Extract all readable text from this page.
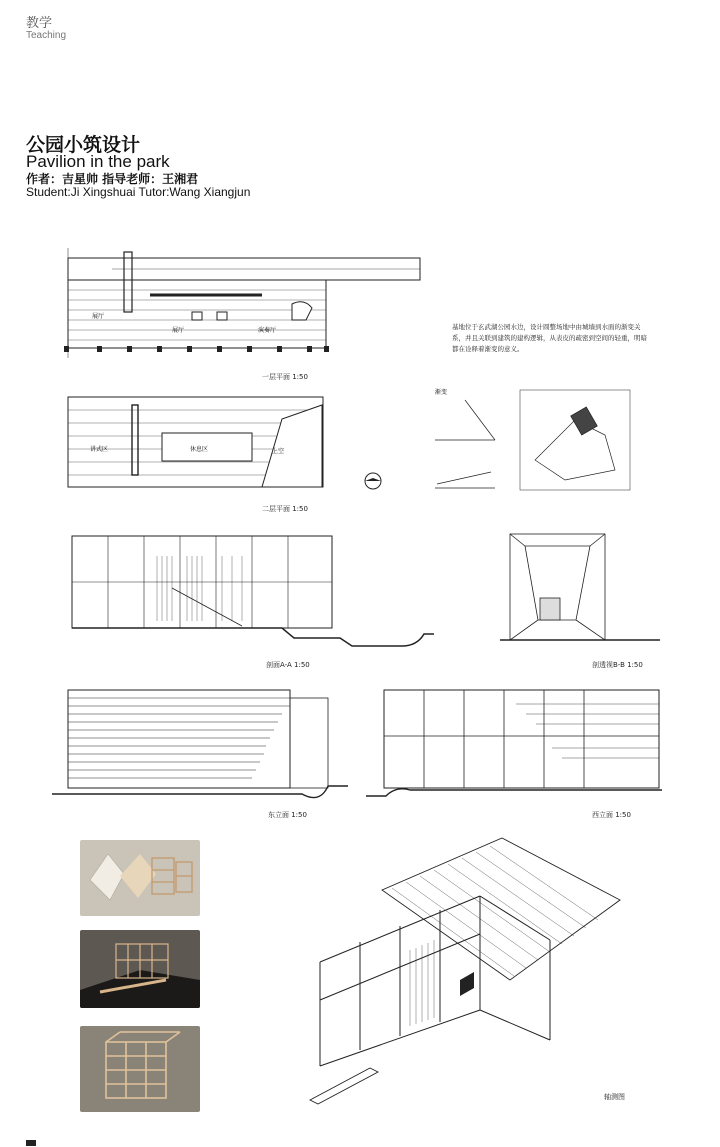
教学
Teaching
公园小筑设计
Pavilion in the park
作者：吉星帅 指导老师：王湘君
Student:Ji Xingshuai Tutor:Wang Xiangjun
展厅
展厅	演奏厅
一层平面 1:50
基地位于玄武湖公园水边，设计圆整场地中由城墙到水面的渐变关系，并且关联到建筑的建构逻辑，从表皮的疏密到空间的轻重，明暗都在诠释着渐变的意义。
讲式区	休息区	上空
二层平面 1:50
渐变
剖面A-A 1:50	剖透视B-B 1:50
东立面 1:50	西立面 1:50
轴测图
